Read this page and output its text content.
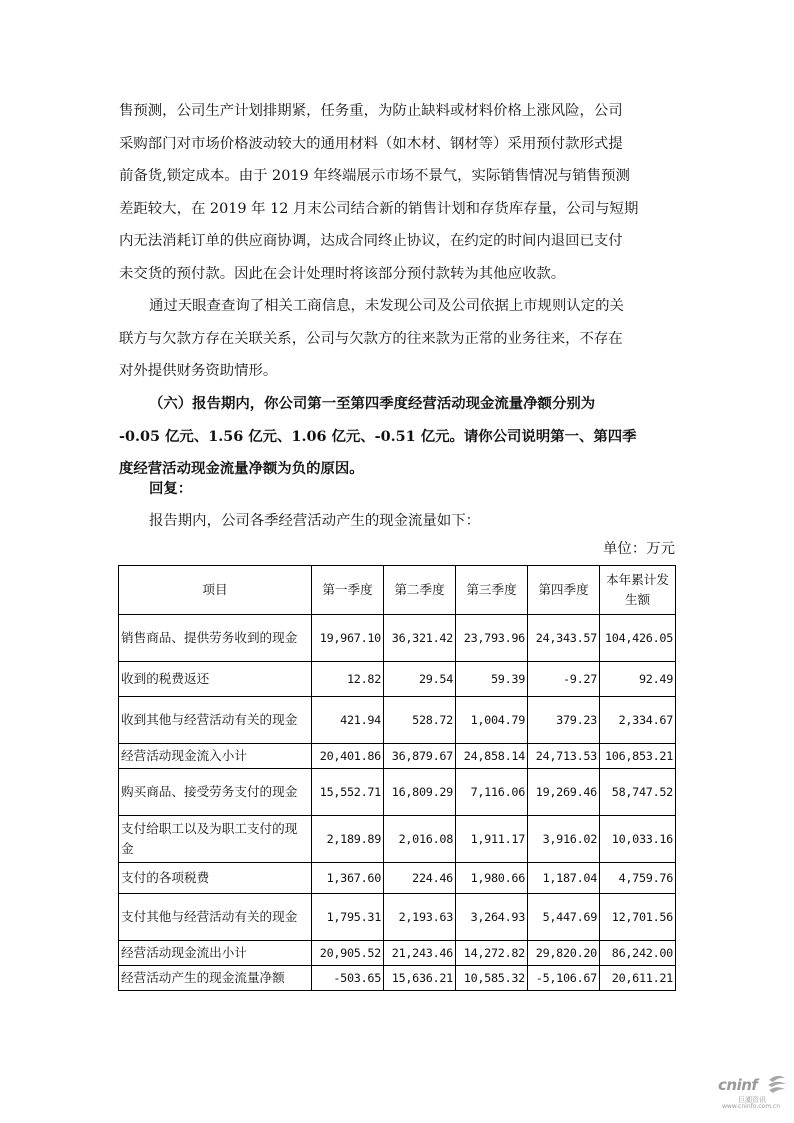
售预测，公司生产计划排期紧，任务重，为防止缺料或材料价格上涨风险，公司
采购部门对市场价格波动较大的通用材料（如木材、钢材等）采用预付款形式提
前备货,锁定成本。由于 2019 年终端展示市场不景气，实际销售情况与销售预测
差距较大，在 2019 年 12 月末公司结合新的销售计划和存货库存量，公司与短期
内无法消耗订单的供应商协调，达成合同终止协议，在约定的时间内退回已支付
未交货的预付款。因此在会计处理时将该部分预付款转为其他应收款。
通过天眼查查询了相关工商信息，未发现公司及公司依据上市规则认定的关
联方与欠款方存在关联关系，公司与欠款方的往来款为正常的业务往来，不存在
对外提供财务资助情形。
（六）报告期内，你公司第一至第四季度经营活动现金流量净额分别为
-0.05 亿元、1.56 亿元、1.06 亿元、-0.51 亿元。请你公司说明第一、第四季
度经营活动现金流量净额为负的原因。
回复：
报告期内，公司各季经营活动产生的现金流量如下：
单位：万元
项目	第一季度	第二季度	第三季度	第四季度	本年累计发生额
销售商品、提供劳务收到的现金	19,967.10	36,321.42	23,793.96	24,343.57	104,426.05
收到的税费返还	12.82	29.54	59.39	-9.27	92.49
收到其他与经营活动有关的现金	421.94	528.72	1,004.79	379.23	2,334.67
经营活动现金流入小计	20,401.86	36,879.67	24,858.14	24,713.53	106,853.21
购买商品、接受劳务支付的现金	15,552.71	16,809.29	7,116.06	19,269.46	58,747.52
支付给职工以及为职工支付的现金	2,189.89	2,016.08	1,911.17	3,916.02	10,033.16
支付的各项税费	1,367.60	224.46	1,980.66	1,187.04	4,759.76
支付其他与经营活动有关的现金	1,795.31	2,193.63	3,264.93	5,447.69	12,701.56
经营活动现金流出小计	20,905.52	21,243.46	14,272.82	29,820.20	86,242.00
经营活动产生的现金流量净额	-503.65	15,636.21	10,585.32	-5,106.67	20,611.21
cninf
巨潮资讯
www.cninfo.com.cn
